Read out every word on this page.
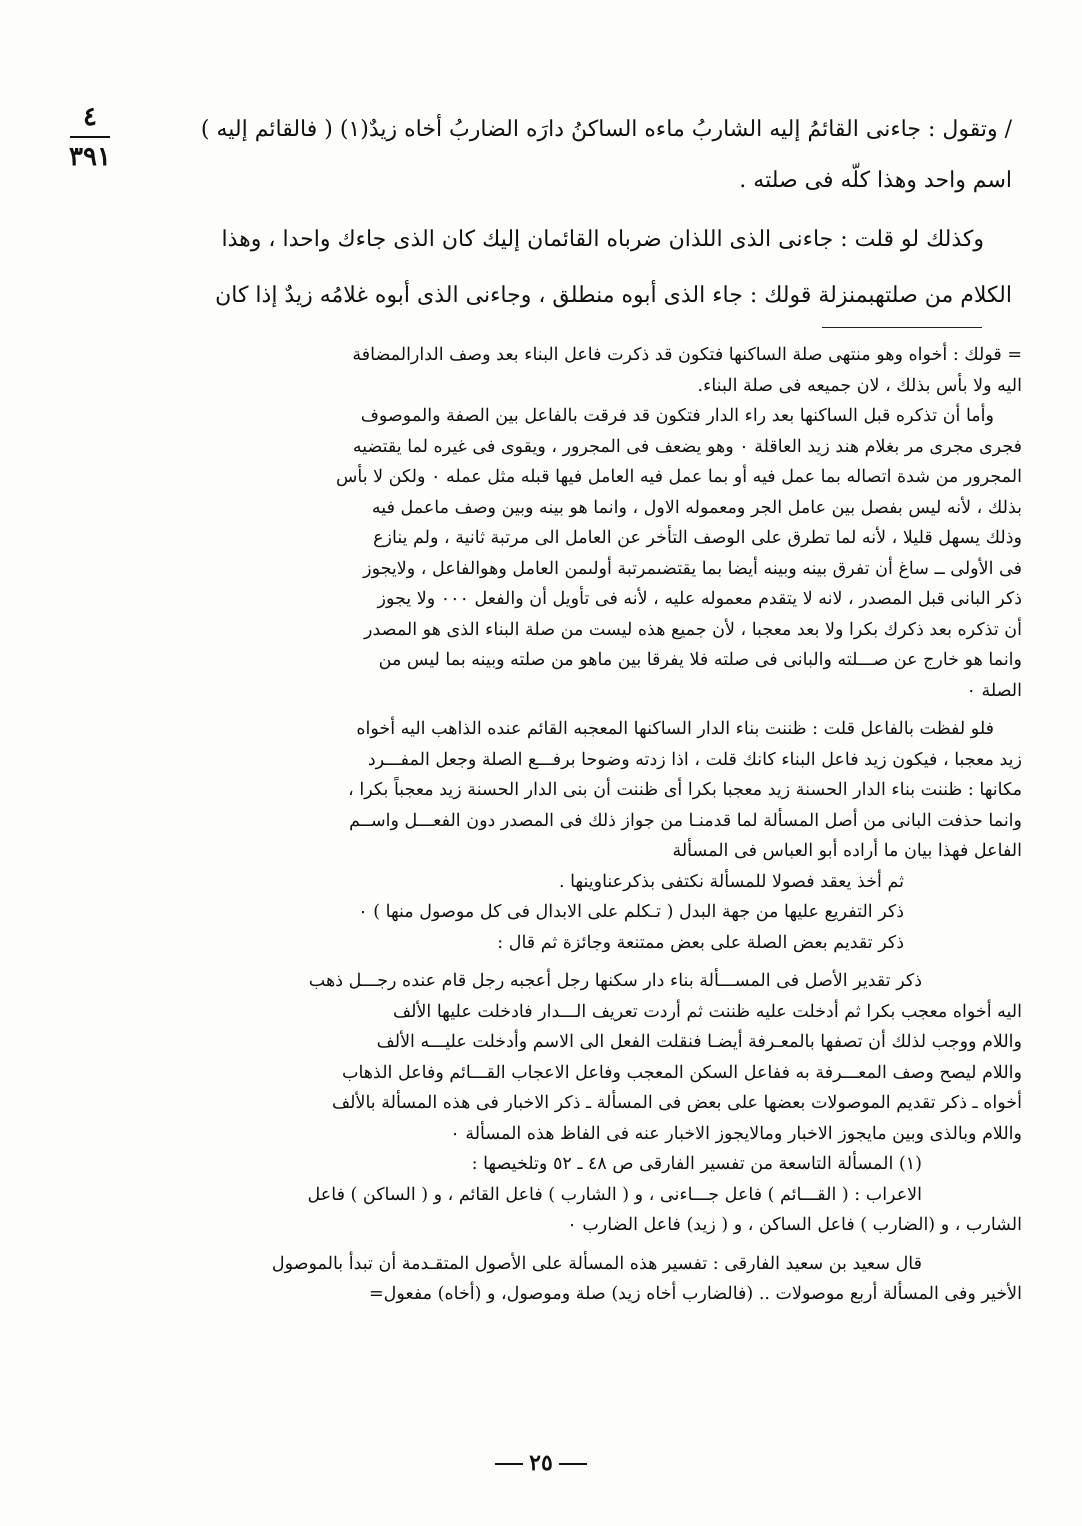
٤
٣٩١
/ وتقول : جاءنى القائمُ إليه الشاربُ ماءه الساكنُ دارَه الضاربُ أخاه زيدٌ(١) ( فالقائم إليه )
اسم واحد وهذا كلّه فى صلته .
وكذلك لو قلت : جاءنى الذى اللذان ضرباه القائمان إليك كان الذى جاءك واحدا ، وهذا
الكلام من صلتهبمنزلة قولك : جاء الذى أبوه منطلق ، وجاءنى الذى أبوه غلامُه زيدٌ إذا كان
= قولك : أخواه وهو منتهى صلة الساكنها فتكون قد ذكرت فاعل البناء بعد وصف الدارالمضافة
اليه ولا بأس بذلك ، لان جميعه فى صلة البناء.
وأما أن تذكره قبل الساكنها بعد راء الدار فتكون قد فرقت بالفاعل بين الصفة والموصوف
فجرى مجرى مر بغلام هند زيد العاقلة ٠ وهو يضعف فى المجرور ، ويقوى فى غيره لما يقتضيه
المجرور من شدة اتصاله بما عمل فيه أو بما عمل فيه العامل فيها قبله مثل عمله ٠ ولكن لا بأس
بذلك ، لأنه ليس بفصل بين عامل الجر ومعموله الاول ، وانما هو بينه وبين وصف ماعمل فيه
وذلك يسهل قليلا ، لأنه لما تطرق على الوصف التأخر عن العامل الى مرتبة ثانية ، ولم ينازع
فى الأولى ــ ساغ أن تفرق بينه وبينه أيضا بما يقتضىمرتبة أولىمن العامل وهوالفاعل ، ولايجوز
ذكر البانى قبل المصدر ، لانه لا يتقدم معموله عليه ، لأنه فى تأويل أن والفعل ٠٠٠ ولا يجوز
أن تذكره بعد ذكرك بكرا ولا بعد معجبا ، لأن جميع هذه ليست من صلة البناء الذى هو المصدر
وانما هو خارج عن صـــلته والبانى فى صلته فلا يفرقا بين ماهو من صلته وبينه بما ليس من
الصلة ٠
فلو لفظت بالفاعل قلت : ظننت بناء الدار الساكنها المعجبه القائم عنده الذاهب اليه أخواه
زيد معجبا ، فيكون زيد فاعل البناء كانك قلت ، اذا زدته وضوحا برفـــع الصلة وجعل المفـــرد
مكانها : ظننت بناء الدار الحسنة زيد معجبا بكرا أى ظننت أن بنى الدار الحسنة زيد معجباً بكرا ،
وانما حذفت البانى من أصل المسألة لما قدمنـا من جواز ذلك فى المصدر دون الفعـــل واســم
الفاعل فهذا بيان ما أراده أبو العباس فى المسألة
ثم أخذ يعقد فصولا للمسألة نكتفى بذكرعناوينها .
ذكر التفريع عليها من جهة البدل ( تـكلم على الابدال فى كل موصول منها ) ٠
ذكر تقديم بعض الصلة على بعض ممتنعة وجائزة ثم قال :
ذكر تقدير الأصل فى المســـألة بناء دار سكنها رجل أعجبه رجل قام عنده رجـــل ذهب
اليه أخواه معجب بكرا ثم أدخلت عليه ظننت ثم أردت تعريف الـــدار فادخلت عليها الألف
واللام ووجب لذلك أن تصفها بالمعـرفة أيضـا فنقلت الفعل الى الاسم وأدخلت عليـــه الألف
واللام ليصح وصف المعـــرفة به ففاعل السكن المعجب وفاعل الاعجاب القـــائم وفاعل الذهاب
أخواه ـ ذكر تقديم الموصولات بعضها على بعض فى المسألة ـ ذكر الاخبار فى هذه المسألة بالألف
واللام وبالذى وبين مايجوز الاخبار ومالايجوز الاخبار عنه فى الفاظ هذه المسألة ٠
(١) المسألة التاسعة من تفسير الفارقى ص ٤٨ ـ ٥٢ وتلخيصها :
الاعراب : ( القـــائم ) فاعل جـــاءنى ، و ( الشارب ) فاعل القائم ، و ( الساكن ) فاعل
الشارب ، و (الضارب ) فاعل الساكن ، و ( زيد) فاعل الضارب ٠
قال سعيد بن سعيد الفارقى : تفسير هذه المسألة على الأصول المتقـدمة أن تبدأ بالموصول
الأخير وفى المسألة أربع موصولات .. (فالضارب أخاه زيد) صلة وموصول، و (أخاه) مفعول=
٢٥
